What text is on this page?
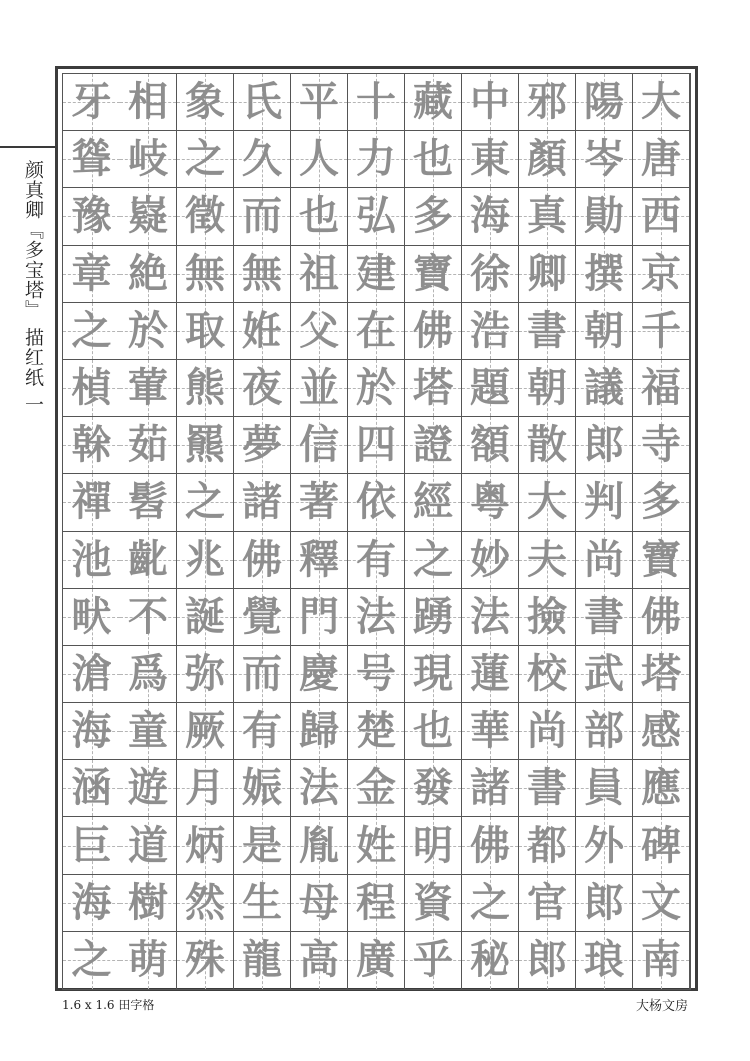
颜真卿『多宝塔』 描红纸 一
大
唐
西
京
千
福
寺
多
寶
佛
塔
感
應
碑
文
南
陽
岑
勛
撰
朝
議
郎
判
尚
書
武
部
員
外
郎
琅
邪
顏
真
卿
書
朝
散
大
夫
撿
校
尚
書
都
官
郎
中
東
海
徐
浩
題
額
粤
妙
法
蓮
華
諸
佛
之
秘
藏
也
多
寶
佛
塔
證
經
之
踴
現
也
發
明
資
乎
十
力
弘
建
在
於
四
依
有
法
号
楚
金
姓
程
廣
平
人
也
祖
父
並
信
著
釋
門
慶
歸
法
胤
母
高
氏
久
而
無
姙
夜
夢
諸
佛
覺
而
有
娠
是
生
龍
象
之
徵
無
取
熊
羆
之
兆
誕
弥
厥
月
炳
然
殊
相
岐
嶷
絶
於
葷
茹
髫
齔
不
爲
童
遊
道
樹
萌
牙
聳
豫
章
之
楨
榦
禪
池
畎
滄
海
涵
巨
海
之
1.6 x 1.6 田字格	大杨文房
